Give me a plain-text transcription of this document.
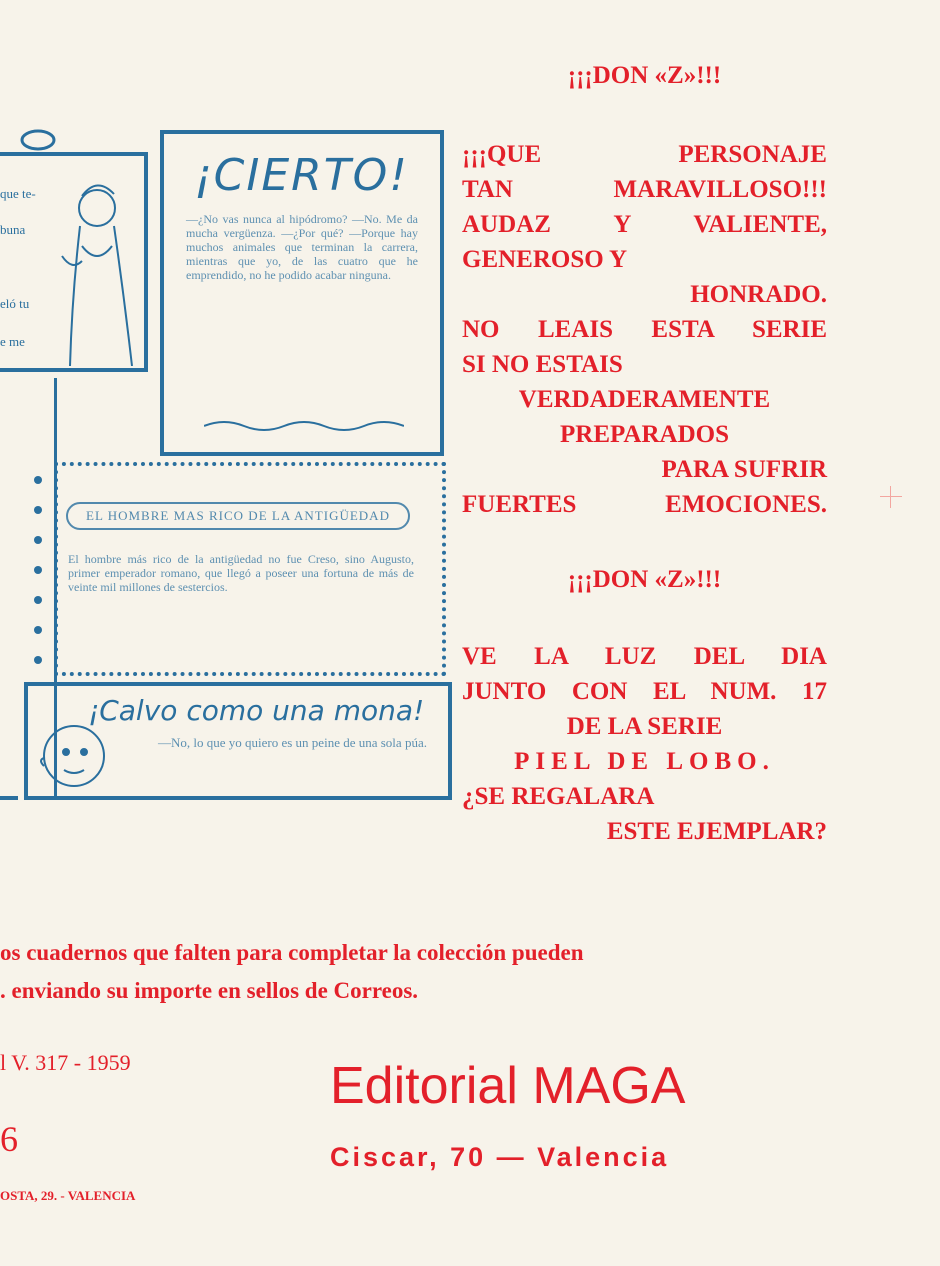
que te-
buna
eló tu
e me
¡CIERTO!
—¿No vas nunca al hipódromo? —No. Me da mucha vergüenza. —¿Por qué? —Porque hay muchos animales que terminan la carrera, mientras que yo, de las cuatro que he emprendido, no he podido acabar ninguna.
EL HOMBRE MAS RICO DE LA ANTIGÜEDAD
El hombre más rico de la antigüedad no fue Creso, sino Augusto, primer emperador romano, que llegó a poseer una fortuna de más de veinte mil millones de sestercios.
¡Calvo como una mona!
—No, lo que yo quiero es un peine de una sola púa.
¡¡¡DON «Z»!!!
¡¡¡QUE PERSONAJE
TAN MARAVILLOSO!!!
AUDAZ Y VALIENTE,
GENEROSO Y
HONRADO.
NO LEAIS ESTA SERIE
SI NO ESTAIS
VERDADERAMENTE
PREPARADOS
PARA SUFRIR
FUERTES EMOCIONES.
¡¡¡DON «Z»!!!
VE LA LUZ DEL DIA
JUNTO CON EL NUM. 17
DE LA SERIE
PIEL DE LOBO.
¿SE REGALARA
ESTE EJEMPLAR?
os cuadernos que falten para completar la colección pueden
. enviando su importe en sellos de Correos.
l V. 317 - 1959
6
OSTA, 29. - VALENCIA
Editorial MAGA
Ciscar, 70 — Valencia
